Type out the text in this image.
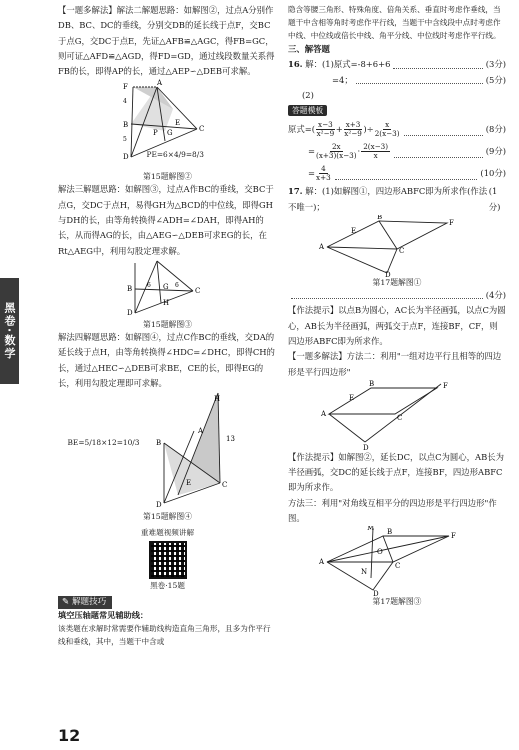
黑卷·数学

【一题多解法】解法二解题思路：如解图②，过点A分别作DB、BC、DC的垂线，分别交DB的延长线于点F，交BC于点G，交DC于点E，先证△AFB≌△AGC，得FB=GC，则可证△AFD≌△AGD，得FD=GD，通过线段数量关系得FB的长，即得AP的长，通过△AEP∽△DEB可求解。

F	A
B
D
C
P G
E
4
5
PE=6×4/9=8/3
第15题解图②

解法三解题思路：如解图③，过点A作BC的垂线，交BC于点G，交DC于点H，易得GH为△BCD的中位线，即得GH与DH的长，由等角转换得∠ADH=∠DAH，即得AH的长，从而得AG的长，由△AEG∽△DEB可求EG的长，在Rt△AEG中，利用勾股定理求解。

B
D
C
G
H
6	6
第15题解图③

解法四解题思路：如解图④，过点C作BC的垂线，交DA的延长线于点H，由等角转换得∠HDC=∠DHC，即得CH的长，通过△HEC∽△DEB可求BE，CE的长，即得EG的长，利用勾股定理即可求解。

H
C
B
D
A
E
13
BE=5/18×12=10/3
第15题解图④
重难题视频讲解
黑卷·15题
✎ 解题技巧

填空压轴题常见辅助线：

该类题在求解时常需要作辅助线构造直角三角形，且多为作平行线和垂线，其中，当题干中含或

隐含等腰三角形、特殊角度、倍角关系、垂直时考虑作垂线，当题干中含相等角时考虑作平行线，当题干中含线段中点时考虑作中线、中位线或倍长中线、角平分线、中位线时考虑作平行线。

三、解答题

16. 解：(1)原式=-8+6+6	(3分)
=4；	(5分)

(2)

答题模板

原式=( $\frac{x-3}{\text{x²−9}} + \frac{x+3}{\text{x²−9}}$ )÷ $\frac{x}{2(x-3)}$	(8分)
= $\frac{2x}{(x+3)(x-3)} \cdot \frac{2(x-3)}{x}$	(9分)
= $\frac{4}{x+3}$	(10分)
17. 解：(1)如解图①，四边形ABFC即为所求作(作法不唯一)；
(1分)
A
B
F
C
D
E
第17题解图①
(4分)

【作法提示】以点B为圆心，AC长为半径画弧，以点C为圆心，AB长为半径画弧，两弧交于点F，连接BF，CF，则四边形ABFC即为所求作。

【一题多解法】方法二：利用"一组对边平行且相等的四边形是平行四边形"

A
B	F
C
D
E

【作法提示】如解图②，延长DC，以点C为圆心，AB长为半径画弧，交DC的延长线于点F，连接BF，四边形ABFC即为所求作。

方法三：利用"对角线互相平分的四边形是平行四边形"作图。

A
B	F
C
D
O
M
N
第17题解图③
12
